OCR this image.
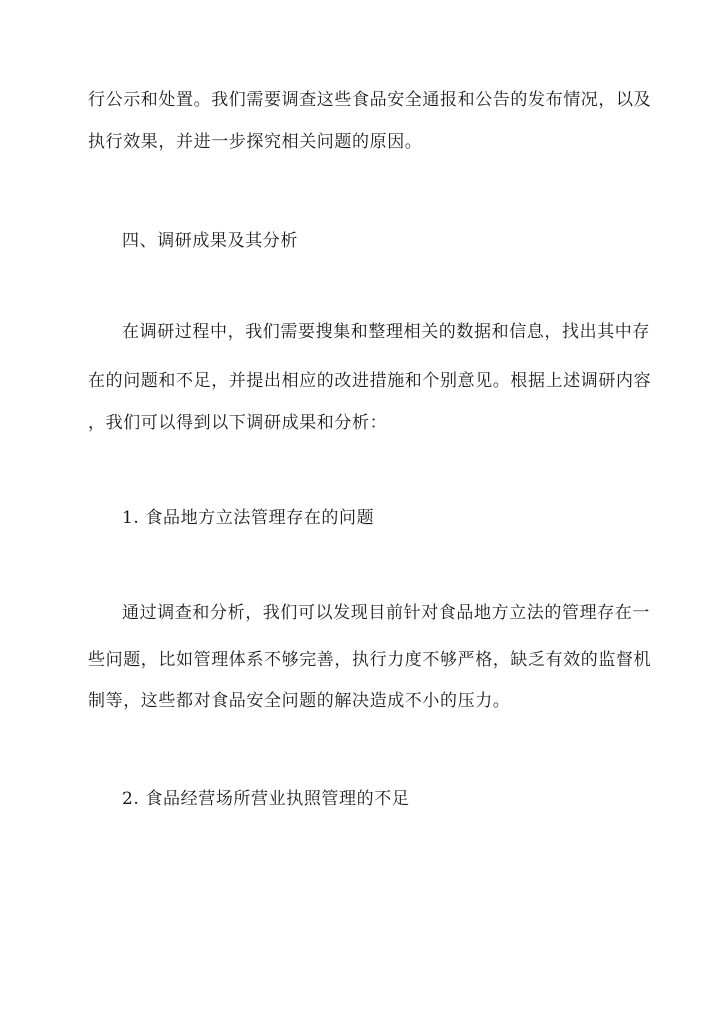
行公示和处置。我们需要调查这些食品安全通报和公告的发布情况，以及
执行效果，并进一步探究相关问题的原因。
四、调研成果及其分析
在调研过程中，我们需要搜集和整理相关的数据和信息，找出其中存
在的问题和不足，并提出相应的改进措施和个别意见。根据上述调研内容
，我们可以得到以下调研成果和分析：
1. 食品地方立法管理存在的问题
通过调查和分析，我们可以发现目前针对食品地方立法的管理存在一
些问题，比如管理体系不够完善，执行力度不够严格，缺乏有效的监督机
制等，这些都对食品安全问题的解决造成不小的压力。
2. 食品经营场所营业执照管理的不足
